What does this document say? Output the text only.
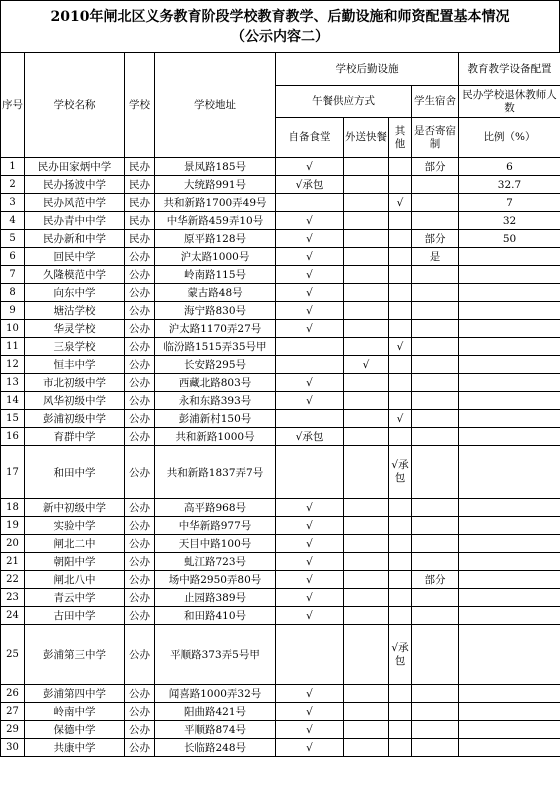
2010年闸北区义务教育阶段学校教育教学、后勤设施和师资配置基本情况
（公示内容二）
序号	学校名称	学校	学校地址	学校后勤设施				教育教学设备配置
				午餐供应方式			学生宿舍	民办学校退休教师人数
				自备食堂	外送快餐	其他	是否寄宿制	比例（%）
1	民办田家炳中学	民办	景凤路185号	√			部分	6
2	民办扬波中学	民办	大统路991号	√承包				32.7
3	民办风范中学	民办	共和新路1700弄49号			√		7
4	民办青中中学	民办	中华新路459弄10号	√				32
5	民办新和中学	民办	原平路128号	√			部分	50
6	回民中学	公办	沪太路1000号	√			是	
7	久隆模范中学	公办	岭南路115号	√				
8	向东中学	公办	蒙古路48号	√				
9	塘沽学校	公办	海宁路830号	√				
10	华灵学校	公办	沪太路1170弄27号	√				
11	三泉学校	公办	临汾路1515弄35号甲			√		
12	恒丰中学	公办	长安路295号		√			
13	市北初级中学	公办	西藏北路803号	√				
14	风华初级中学	公办	永和东路393号	√				
15	彭浦初级中学	公办	彭浦新村150号			√		
16	育群中学	公办	共和新路1000号	√承包				
17	和田中学	公办	共和新路1837弄7号			√承包		
18	新中初级中学	公办	高平路968号	√				
19	实验中学	公办	中华新路977号	√				
20	闸北二中	公办	天目中路100号	√				
21	朝阳中学	公办	虬江路723号	√				
22	闸北八中	公办	场中路2950弄80号	√			部分	
23	青云中学	公办	止园路389号	√				
24	古田中学	公办	和田路410号	√				
25	彭浦第三中学	公办	平顺路373弄5号甲			√承包		
26	彭浦第四中学	公办	闻喜路1000弄32号	√				
27	岭南中学	公办	阳曲路421号	√				
29	保德中学	公办	平顺路874号	√				
30	共康中学	公办	长临路248号	√				
